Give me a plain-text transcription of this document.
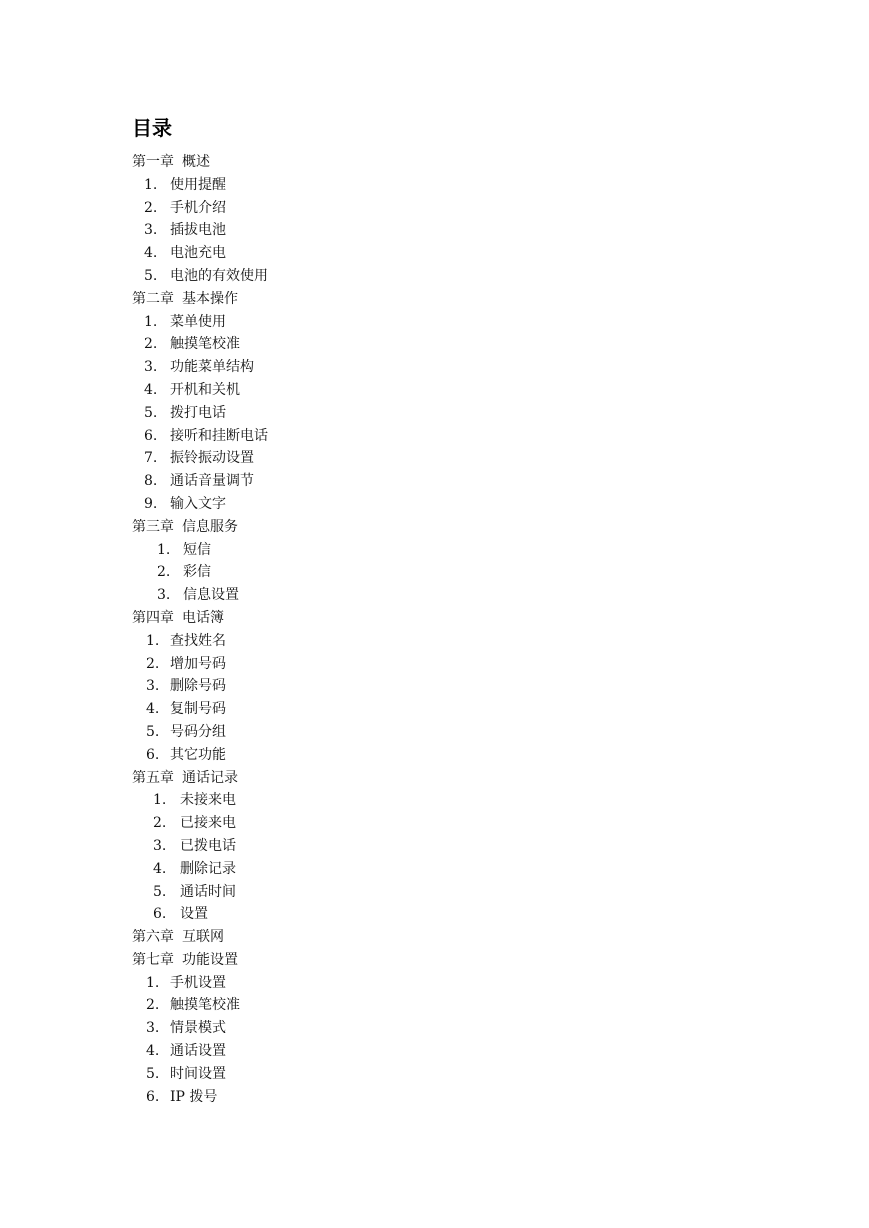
目录
第一章 概述
1. 使用提醒
2. 手机介绍
3. 插拔电池
4. 电池充电
5. 电池的有效使用
第二章 基本操作
1. 菜单使用
2. 触摸笔校准
3. 功能菜单结构
4. 开机和关机
5. 拨打电话
6. 接听和挂断电话
7. 振铃振动设置
8. 通话音量调节
9. 输入文字
第三章 信息服务
1. 短信
2. 彩信
3. 信息设置
第四章 电话簿
1. 查找姓名
2. 增加号码
3. 删除号码
4. 复制号码
5. 号码分组
6. 其它功能
第五章 通话记录
1. 未接来电
2. 已接来电
3. 已拨电话
4. 删除记录
5. 通话时间
6. 设置
第六章 互联网
第七章 功能设置
1. 手机设置
2. 触摸笔校准
3. 情景模式
4. 通话设置
5. 时间设置
6. IP 拨号
